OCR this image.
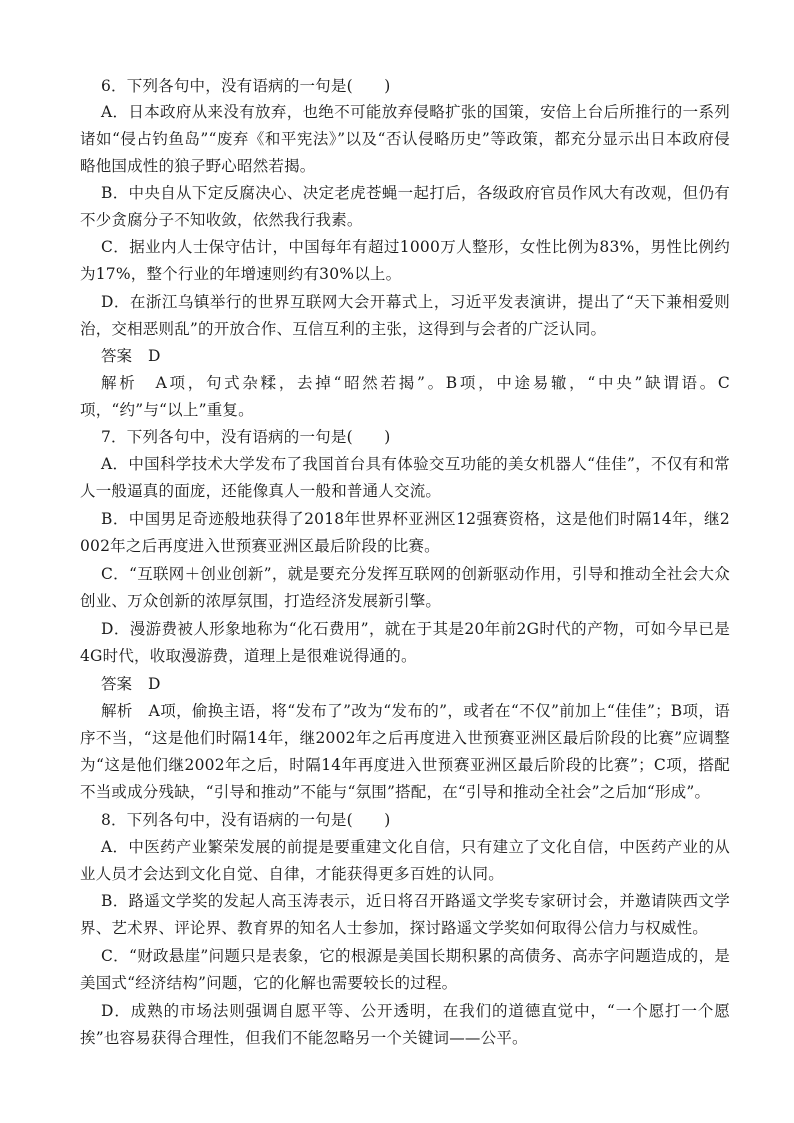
6．下列各句中，没有语病的一句是(　　)
A．日本政府从来没有放弃，也绝不可能放弃侵略扩张的国策，安倍上台后所推行的一系列诸如“侵占钓鱼岛”“废弃《和平宪法》”以及“否认侵略历史”等政策，都充分显示出日本政府侵略他国成性的狼子野心昭然若揭。
B．中央自从下定反腐决心、决定老虎苍蝇一起打后，各级政府官员作风大有改观，但仍有不少贪腐分子不知收敛，依然我行我素。
C．据业内人士保守估计，中国每年有超过1000万人整形，女性比例为83%，男性比例约为17%，整个行业的年增速则约有30%以上。
D．在浙江乌镇举行的世界互联网大会开幕式上，习近平发表演讲，提出了“天下兼相爱则治，交相恶则乱”的开放合作、互信互利的主张，这得到与会者的广泛认同。
答案 D
解析　A项，句式杂糅，去掉“昭然若揭”。B项，中途易辙，“中央”缺谓语。C项，“约”与“以上”重复。
7．下列各句中，没有语病的一句是(　　)
A．中国科学技术大学发布了我国首台具有体验交互功能的美女机器人“佳佳”，不仅有和常人一般逼真的面庞，还能像真人一般和普通人交流。
B．中国男足奇迹般地获得了2018年世界杯亚洲区12强赛资格，这是他们时隔14年，继2002年之后再度进入世预赛亚洲区最后阶段的比赛。
C．“互联网＋创业创新”，就是要充分发挥互联网的创新驱动作用，引导和推动全社会大众创业、万众创新的浓厚氛围，打造经济发展新引擎。
D．漫游费被人形象地称为“化石费用”，就在于其是20年前2G时代的产物，可如今早已是4G时代，收取漫游费，道理上是很难说得通的。
答案 D
解析　A项，偷换主语，将“发布了”改为“发布的”，或者在“不仅”前加上“佳佳”；B项，语序不当，“这是他们时隔14年，继2002年之后再度进入世预赛亚洲区最后阶段的比赛”应调整为“这是他们继2002年之后，时隔14年再度进入世预赛亚洲区最后阶段的比赛”；C项，搭配不当或成分残缺，“引导和推动”不能与“氛围”搭配，在“引导和推动全社会”之后加“形成”。
8．下列各句中，没有语病的一句是(　　)
A．中医药产业繁荣发展的前提是要重建文化自信，只有建立了文化自信，中医药产业的从业人员才会达到文化自觉、自律，才能获得更多百姓的认同。
B．路遥文学奖的发起人高玉涛表示，近日将召开路遥文学奖专家研讨会，并邀请陕西文学界、艺术界、评论界、教育界的知名人士参加，探讨路遥文学奖如何取得公信力与权威性。
C．“财政悬崖”问题只是表象，它的根源是美国长期积累的高债务、高赤字问题造成的，是美国式“经济结构”问题，它的化解也需要较长的过程。
D．成熟的市场法则强调自愿平等、公开透明，在我们的道德直觉中，“一个愿打一个愿挨”也容易获得合理性，但我们不能忽略另一个关键词——公平。
